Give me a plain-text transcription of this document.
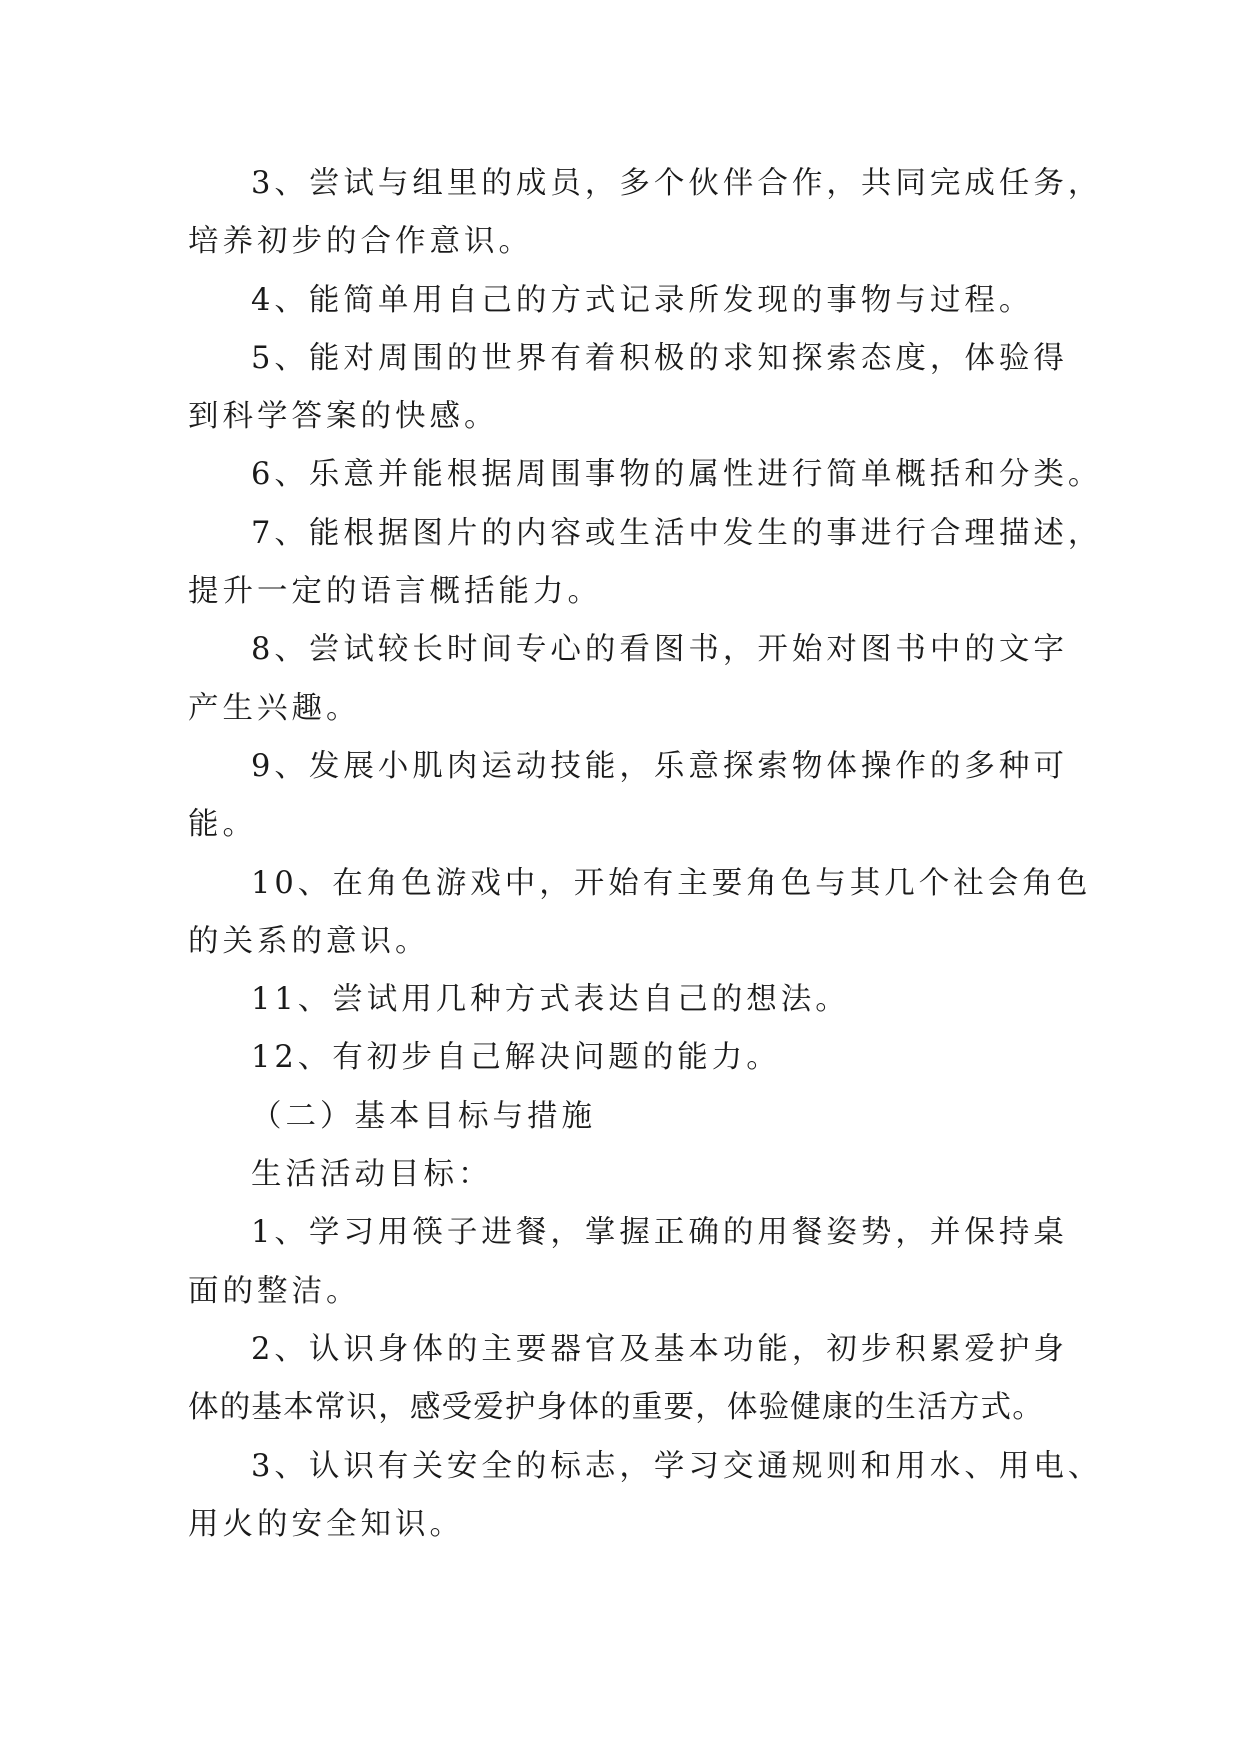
3、尝试与组里的成员，多个伙伴合作，共同完成任务，
培养初步的合作意识。
4、能简单用自己的方式记录所发现的事物与过程。
5、能对周围的世界有着积极的求知探索态度，体验得
到科学答案的快感。
6、乐意并能根据周围事物的属性进行简单概括和分类。
7、能根据图片的内容或生活中发生的事进行合理描述，
提升一定的语言概括能力。
8、尝试较长时间专心的看图书，开始对图书中的文字
产生兴趣。
9、发展小肌肉运动技能，乐意探索物体操作的多种可
能。
10、在角色游戏中，开始有主要角色与其几个社会角色
的关系的意识。
11、尝试用几种方式表达自己的想法。
12、有初步自己解决问题的能力。
（二）基本目标与措施
生活活动目标：
1、学习用筷子进餐，掌握正确的用餐姿势，并保持桌
面的整洁。
2、认识身体的主要器官及基本功能，初步积累爱护身
体的基本常识，感受爱护身体的重要，体验健康的生活方式。
3、认识有关安全的标志，学习交通规则和用水、用电、
用火的安全知识。
